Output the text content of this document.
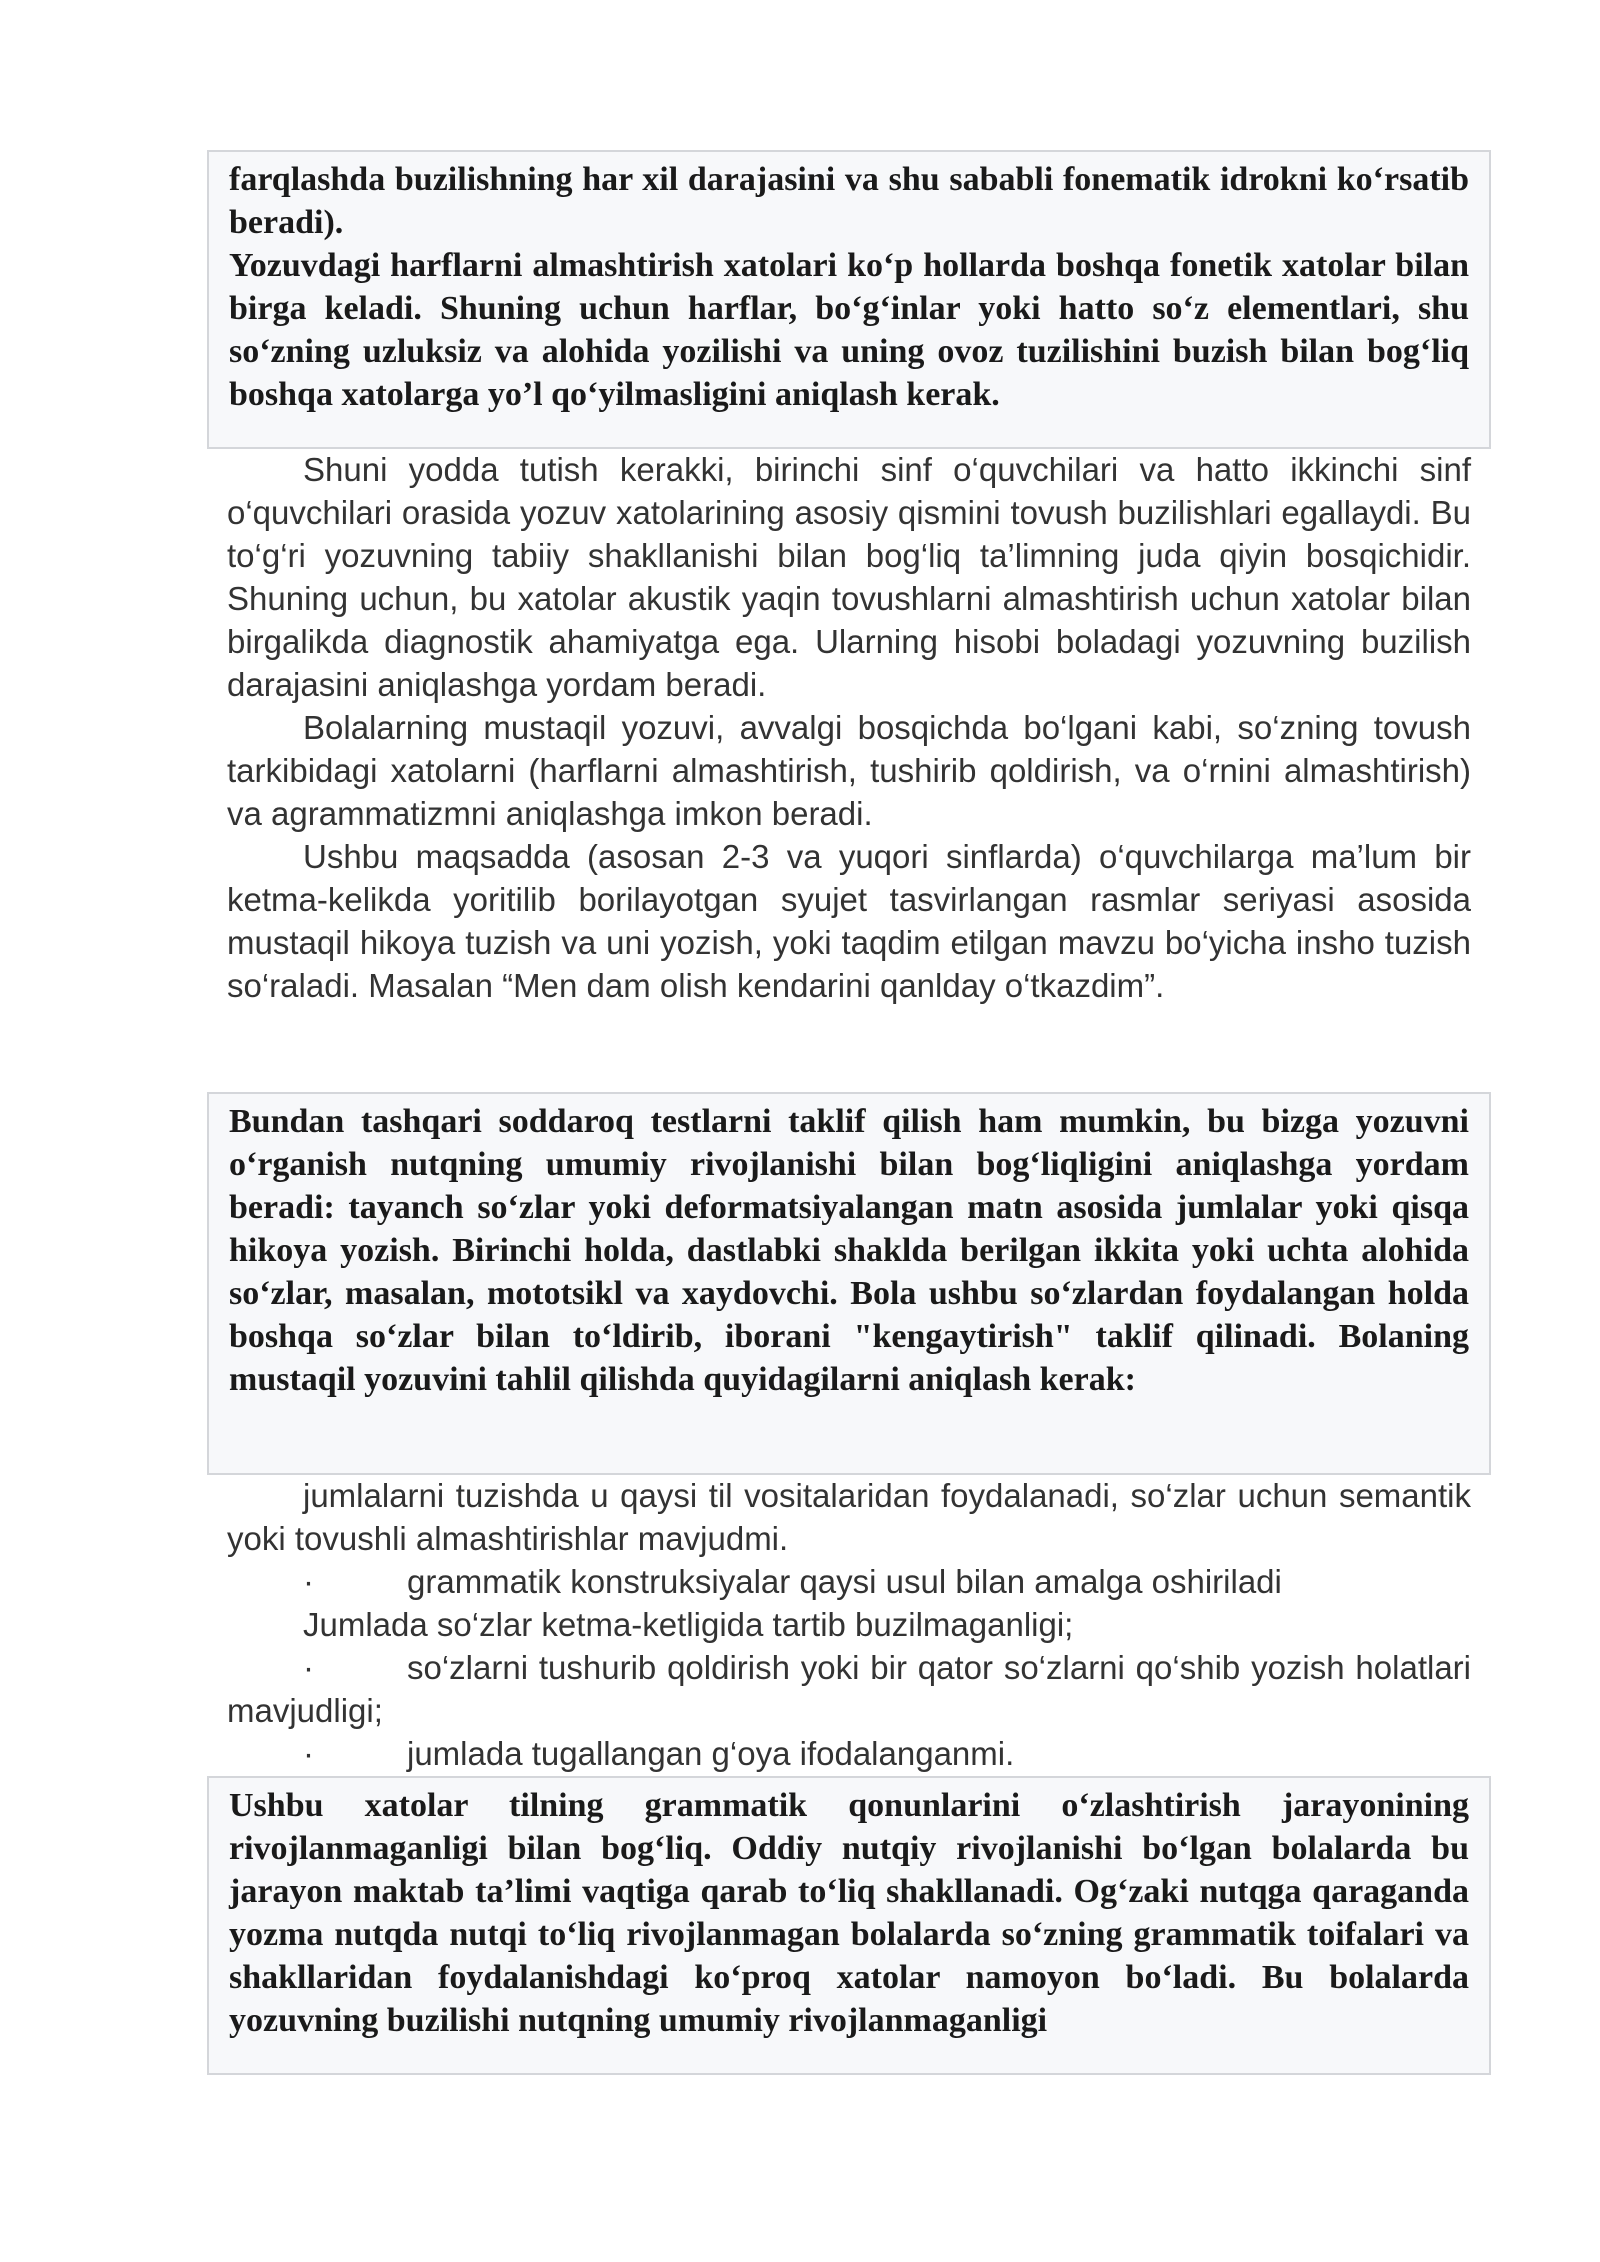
farqlashda buzilishning har xil darajasini va shu sababli fonematik idrokni ko‘rsatib beradi).

Yozuvdagi harflarni almashtirish xatolari ko‘p hollarda boshqa fonetik xatolar bilan birga keladi. Shuning uchun harflar, bo‘g‘inlar yoki hatto so‘z elementlari, shu so‘zning uzluksiz va alohida yozilishi va uning ovoz tuzilishini buzish bilan bog‘liq boshqa xatolarga yo’l qo‘yilmasligini aniqlash kerak.

Shuni yodda tutish kerakki, birinchi sinf o‘quvchilari va hatto ikkinchi sinf o‘quvchilari orasida yozuv xatolarining asosiy qismini tovush buzilishlari egallaydi. Bu to‘g‘ri yozuvning tabiiy shakllanishi bilan bog‘liq ta’limning juda qiyin bosqichidir. Shuning uchun, bu xatolar akustik yaqin tovushlarni almashtirish uchun xatolar bilan birgalikda diagnostik ahamiyatga ega. Ularning hisobi boladagi yozuvning buzilish darajasini aniqlashga yordam beradi.

Bolalarning mustaqil yozuvi, avvalgi bosqichda bo‘lgani kabi, so‘zning tovush tarkibidagi xatolarni (harflarni almashtirish, tushirib qoldirish, va o‘rnini almashtirish) va agrammatizmni aniqlashga imkon beradi.

Ushbu maqsadda (asosan 2-3 va yuqori sinflarda) o‘quvchilarga ma’lum bir ketma-kelikda yoritilib borilayotgan syujet tasvirlangan rasmlar seriyasi asosida mustaqil hikoya tuzish va uni yozish, yoki taqdim etilgan mavzu bo‘yicha insho tuzish so‘raladi. Masalan “Men dam olish kendarini qanlday o‘tkazdim”.

Bundan tashqari soddaroq testlarni taklif qilish ham mumkin, bu bizga yozuvni o‘rganish nutqning umumiy rivojlanishi bilan bog‘liqligini aniqlashga yordam beradi: tayanch so‘zlar yoki deformatsiyalangan matn asosida jumlalar yoki qisqa hikoya yozish. Birinchi holda, dastlabki shakldа berilgan ikkita yoki uchta alohida so‘zlar, masalan, mototsikl va xaydovchi. Bola ushbu so‘zlardan foydalangan holda boshqa so‘zlar bilan to‘ldirib, iborani "kengaytirish" taklif qilinadi. Bolaning mustaqil yozuvini tahlil qilishda quyidagilarni aniqlash kerak:

jumlalarni tuzishda u qaysi til vositalaridan foydalanadi, so‘zlar uchun semantik yoki tovushli almashtirishlar mavjudmi.

·	grammatik konstruksiyalar qaysi usul bilan amalga oshiriladi

Jumlada so‘zlar ketma-ketligida tartib buzilmaganligi;

·	so‘zlarni tushurib qoldirish yoki bir qator so‘zlarni qo‘shib yozish holatlari mavjudligi;
·	jumlada tugallangan g‘oya ifodalanganmi.

Ushbu xatolar tilning grammatik qonunlarini o‘zlashtirish jarayonining rivojlanmaganligi bilan bog‘liq. Oddiy nutqiy rivojlanishi bo‘lgan bolalarda bu jarayon maktab ta’limi vaqtiga qarab to‘liq shakllanadi. Og‘zaki nutqga qaraganda yozma nutqda nutqi to‘liq rivojlanmagan bolalarda so‘zning grammatik toifalari va shakllaridan foydalanishdagi ko‘proq xatolar namoyon bo‘ladi. Bu bolalarda yozuvning buzilishi nutqning umumiy rivojlanmaganligi
